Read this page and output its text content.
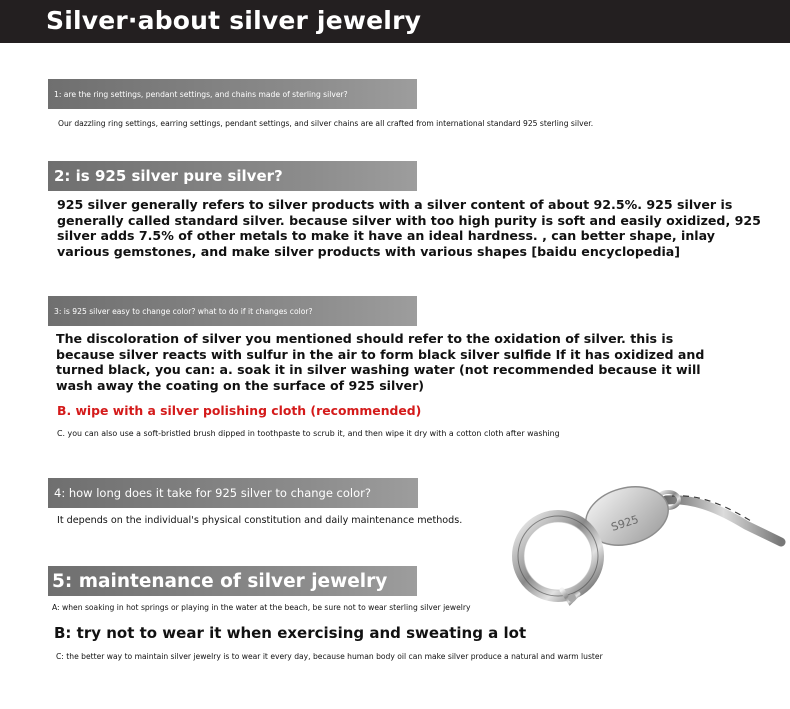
Silver·about silver jewelry
1: are the ring settings, pendant settings, and chains made of sterling silver?
Our dazzling ring settings, earring settings, pendant settings, and silver chains are all crafted from international standard 925 sterling silver.
2: is 925 silver pure silver?
925 silver generally refers to silver products with a silver content of about 92.5%. 925 silver is
generally called standard silver. because silver with too high purity is soft and easily oxidized, 925
silver adds 7.5% of other metals to make it have an ideal hardness. , can better shape, inlay
various gemstones, and make silver products with various shapes [baidu encyclopedia]
3: is 925 silver easy to change color? what to do if it changes color?
The discoloration of silver you mentioned should refer to the oxidation of silver. this is
because silver reacts with sulfur in the air to form black silver sulfide If it has oxidized and
turned black, you can: a. soak it in silver washing water (not recommended because it will
wash away the coating on the surface of 925 silver)
B. wipe with a silver polishing cloth (recommended)
C. you can also use a soft-bristled brush dipped in toothpaste to scrub it, and then wipe it dry with a cotton cloth after washing
4: how long does it take for 925 silver to change color?
It depends on the individual's physical constitution and daily maintenance methods.	S925
5: maintenance of silver jewelry
A: when soaking in hot springs or playing in the water at the beach, be sure not to wear sterling silver jewelry
B: try not to wear it when exercising and sweating a lot
C: the better way to maintain silver jewelry is to wear it every day, because human body oil can make silver produce a natural and warm luster
